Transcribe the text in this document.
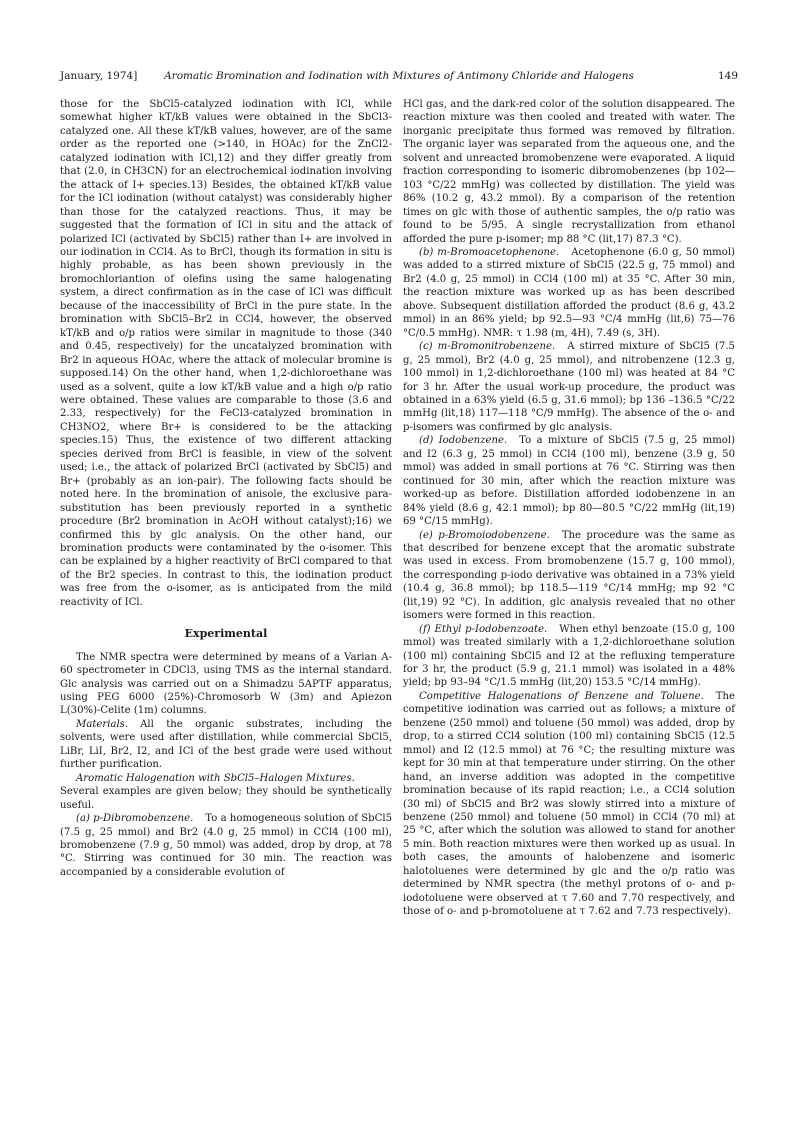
January, 1974]	Aromatic Bromination and Iodination with Mixtures of Antimony Chloride and Halogens	149

those for the SbCl5-catalyzed iodination with ICl, while somewhat higher kT/kB values were obtained in the SbCl3-catalyzed one. All these kT/kB values, however, are of the same order as the reported one (>140, in HOAc) for the ZnCl2-catalyzed iodination with ICl,12) and they differ greatly from that (2.0, in CH3CN) for an electrochemical iodination involving the attack of I+ species.13) Besides, the obtained kT/kB value for the ICl iodination (without catalyst) was considerably higher than those for the catalyzed reactions. Thus, it may be suggested that the formation of ICl in situ and the attack of polarized ICl (activated by SbCl5) rather than I+ are involved in our iodination in CCl4. As to BrCl, though its formation in situ is highly probable, as has been shown previously in the bromochloriantion of olefins using the same halogenating system, a direct confirmation as in the case of ICl was difficult because of the inaccessibility of BrCl in the pure state. In the bromination with SbCl5–Br2 in CCl4, however, the observed kT/kB and o/p ratios were similar in magnitude to those (340 and 0.45, respectively) for the uncatalyzed bromination with Br2 in aqueous HOAc, where the attack of molecular bromine is supposed.14) On the other hand, when 1,2-dichloroethane was used as a solvent, quite a low kT/kB value and a high o/p ratio were obtained. These values are comparable to those (3.6 and 2.33, respectively) for the FeCl3-catalyzed bromination in CH3NO2, where Br+ is considered to be the attacking species.15) Thus, the existence of two different attacking species derived from BrCl is feasible, in view of the solvent used; i.e., the attack of polarized BrCl (activated by SbCl5) and Br+ (probably as an ion-pair). The following facts should be noted here. In the bromination of anisole, the exclusive para-substitution has been previously reported in a synthetic procedure (Br2 bromination in AcOH without catalyst);16) we confirmed this by glc analysis. On the other hand, our bromination products were contaminated by the o-isomer. This can be explained by a higher reactivity of BrCl compared to that of the Br2 species. In contrast to this, the iodination product was free from the o-isomer, as is anticipated from the mild reactivity of ICl.

Experimental

The NMR spectra were determined by means of a Varian A-60 spectrometer in CDCl3, using TMS as the internal standard. Glc analysis was carried out on a Shimadzu 5APTF apparatus, using PEG 6000 (25%)-Chromosorb W (3m) and Apiezon L(30%)-Celite (1m) columns.

Materials. All the organic substrates, including the solvents, were used after distillation, while commercial SbCl5, LiBr, LiI, Br2, I2, and ICl of the best grade were used without further purification.

Aromatic Halogenation with SbCl5–Halogen Mixtures.

Several examples are given below; they should be synthetically useful.

(a) p-Dibromobenzene. To a homogeneous solution of SbCl5 (7.5 g, 25 mmol) and Br2 (4.0 g, 25 mmol) in CCl4 (100 ml), bromobenzene (7.9 g, 50 mmol) was added, drop by drop, at 78 °C. Stirring was continued for 30 min. The reaction was accompanied by a considerable evolution of

HCl gas, and the dark-red color of the solution disappeared. The reaction mixture was then cooled and treated with water. The inorganic precipitate thus formed was removed by filtration. The organic layer was separated from the aqueous one, and the solvent and unreacted bromobenzene were evaporated. A liquid fraction corresponding to isomeric dibromobenzenes (bp 102—103 °C/22 mmHg) was collected by distillation. The yield was 86% (10.2 g, 43.2 mmol). By a comparison of the retention times on glc with those of authentic samples, the o/p ratio was found to be 5/95. A single recrystallization from ethanol afforded the pure p-isomer; mp 88 °C (lit,17) 87.3 °C).

(b) m-Bromoacetophenone. Acetophenone (6.0 g, 50 mmol) was added to a stirred mixture of SbCl5 (22.5 g, 75 mmol) and Br2 (4.0 g, 25 mmol) in CCl4 (100 ml) at 35 °C. After 30 min, the reaction mixture was worked up as has been described above. Subsequent distillation afforded the product (8.6 g, 43.2 mmol) in an 86% yield; bp 92.5—93 °C/4 mmHg (lit,6) 75—76 °C/0.5 mmHg). NMR: τ 1.98 (m, 4H), 7.49 (s, 3H).

(c) m-Bromonitrobenzene. A stirred mixture of SbCl5 (7.5 g, 25 mmol), Br2 (4.0 g, 25 mmol), and nitrobenzene (12.3 g, 100 mmol) in 1,2-dichloroethane (100 ml) was heated at 84 °C for 3 hr. After the usual work-up procedure, the product was obtained in a 63% yield (6.5 g, 31.6 mmol); bp 136 –136.5 °C/22 mmHg (lit,18) 117—118 °C/9 mmHg). The absence of the o- and p-isomers was confirmed by glc analysis.

(d) Iodobenzene. To a mixture of SbCl5 (7.5 g, 25 mmol) and I2 (6.3 g, 25 mmol) in CCl4 (100 ml), benzene (3.9 g, 50 mmol) was added in small portions at 76 °C. Stirring was then continued for 30 min, after which the reaction mixture was worked-up as before. Distillation afforded iodobenzene in an 84% yield (8.6 g, 42.1 mmol); bp 80—80.5 °C/22 mmHg (lit,19) 69 °C/15 mmHg).

(e) p-Bromoiodobenzene. The procedure was the same as that described for benzene except that the aromatic substrate was used in excess. From bromobenzene (15.7 g, 100 mmol), the corresponding p-iodo derivative was obtained in a 73% yield (10.4 g, 36.8 mmol); bp 118.5—119 °C/14 mmHg; mp 92 °C (lit,19) 92 °C). In addition, glc analysis revealed that no other isomers were formed in this reaction.

(f) Ethyl p-Iodobenzoate. When ethyl benzoate (15.0 g, 100 mmol) was treated similarly with a 1,2-dichloroethane solution (100 ml) containing SbCl5 and I2 at the refluxing temperature for 3 hr, the product (5.9 g, 21.1 mmol) was isolated in a 48% yield; bp 93–94 °C/1.5 mmHg (lit,20) 153.5 °C/14 mmHg).

Competitive Halogenations of Benzene and Toluene. The competitive iodination was carried out as follows; a mixture of benzene (250 mmol) and toluene (50 mmol) was added, drop by drop, to a stirred CCl4 solution (100 ml) containing SbCl5 (12.5 mmol) and I2 (12.5 mmol) at 76 °C; the resulting mixture was kept for 30 min at that temperature under stirring. On the other hand, an inverse addition was adopted in the competitive bromination because of its rapid reaction; i.e., a CCl4 solution (30 ml) of SbCl5 and Br2 was slowly stirred into a mixture of benzene (250 mmol) and toluene (50 mmol) in CCl4 (70 ml) at 25 °C, after which the solution was allowed to stand for another 5 min. Both reaction mixtures were then worked up as usual. In both cases, the amounts of halobenzene and isomeric halotoluenes were determined by glc and the o/p ratio was determined by NMR spectra (the methyl protons of o- and p-iodotoluene were observed at τ 7.60 and 7.70 respectively, and those of o- and p-bromotoluene at τ 7.62 and 7.73 respectively).
